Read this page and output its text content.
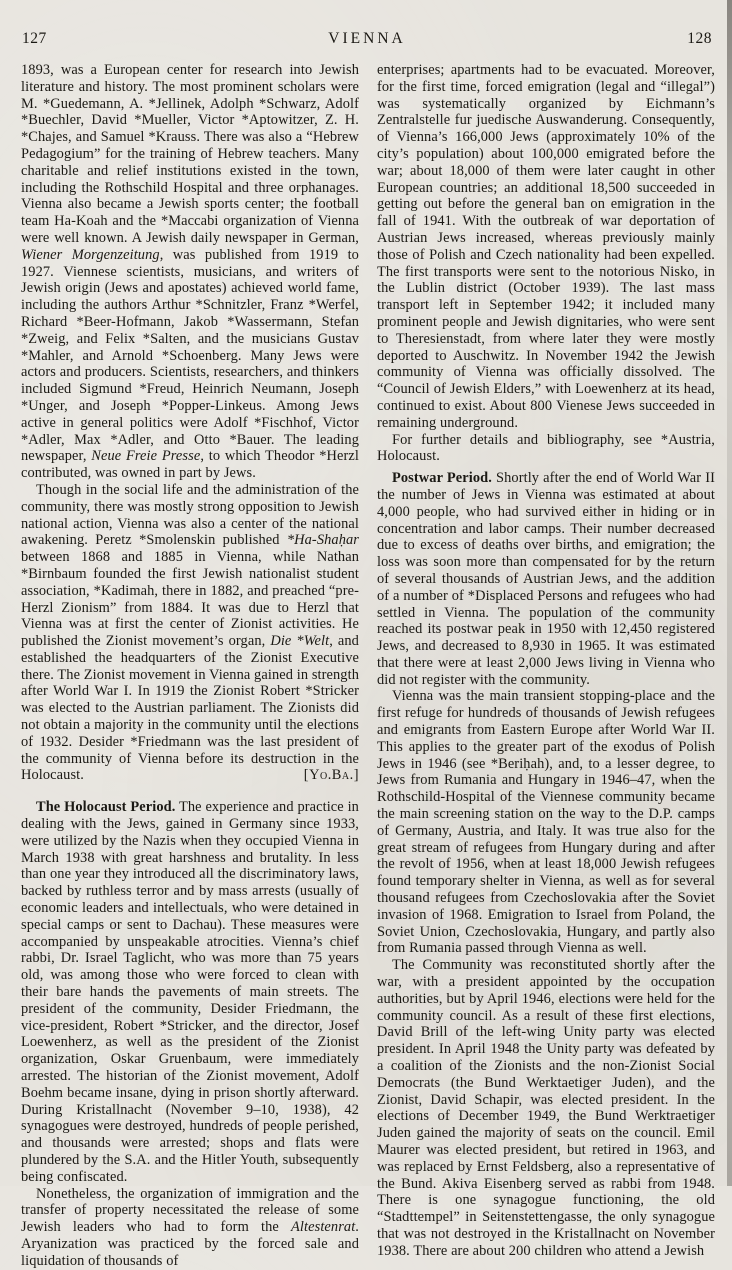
127	VIENNA	128

1893, was a European center for research into Jewish literature and history. The most prominent scholars were M. *Guedemann, A. *Jellinek, Adolph *Schwarz, Adolf *Buechler, David *Mueller, Victor *Aptowitzer, Z. H. *Chajes, and Samuel *Krauss. There was also a “Hebrew Pedagogium” for the training of Hebrew teachers. Many charitable and relief institutions existed in the town, including the Rothschild Hospital and three orphanages. Vienna also became a Jewish sports center; the football team Ha-Koah and the *Maccabi organization of Vienna were well known. A Jewish daily newspaper in German, Wiener Morgenzeitung, was published from 1919 to 1927. Viennese scientists, musicians, and writers of Jewish origin (Jews and apostates) achieved world fame, including the authors Arthur *Schnitzler, Franz *Werfel, Richard *Beer-Hofmann, Jakob *Wassermann, Stefan *Zweig, and Felix *Salten, and the musicians Gustav *Mahler, and Arnold *Schoenberg. Many Jews were actors and producers. Scientists, researchers, and thinkers included Sigmund *Freud, Heinrich Neumann, Joseph *Unger, and Joseph *Popper-Linkeus. Among Jews active in general politics were Adolf *Fischhof, Victor *Adler, Max *Adler, and Otto *Bauer. The leading newspaper, Neue Freie Presse, to which Theodor *Herzl contributed, was owned in part by Jews.

Though in the social life and the administration of the community, there was mostly strong opposition to Jewish national action, Vienna was also a center of the national awakening. Peretz *Smolenskin published *Ha-Shaḥar between 1868 and 1885 in Vienna, while Nathan *Birnbaum founded the first Jewish nationalist student association, *Kadimah, there in 1882, and preached “pre-Herzl Zionism” from 1884. It was due to Herzl that Vienna was at first the center of Zionist activities. He published the Zionist movement’s organ, Die *Welt, and established the headquarters of the Zionist Executive there. The Zionist movement in Vienna gained in strength after World War I. In 1919 the Zionist Robert *Stricker was elected to the Austrian parliament. The Zionists did not obtain a majority in the community until the elections of 1932. Desider *Friedmann was the last president of the community of Vienna before its destruction in the Holocaust.	[Yo.Ba.]

The Holocaust Period. The experience and practice in dealing with the Jews, gained in Germany since 1933, were utilized by the Nazis when they occupied Vienna in March 1938 with great harshness and brutality. In less than one year they introduced all the discriminatory laws, backed by ruthless terror and by mass arrests (usually of economic leaders and intellectuals, who were detained in special camps or sent to Dachau). These measures were accompanied by unspeakable atrocities. Vienna’s chief rabbi, Dr. Israel Taglicht, who was more than 75 years old, was among those who were forced to clean with their bare hands the pavements of main streets. The president of the community, Desider Friedmann, the vice-president, Robert *Stricker, and the director, Josef Loewenherz, as well as the president of the Zionist organization, Oskar Gruenbaum, were immediately arrested. The historian of the Zionist movement, Adolf Boehm became insane, dying in prison shortly afterward. During Kristallnacht (November 9–10, 1938), 42 synagogues were destroyed, hundreds of people perished, and thousands were arrested; shops and flats were plundered by the S.A. and the Hitler Youth, subsequently being confiscated.

Nonetheless, the organization of immigration and the transfer of property necessitated the release of some Jewish leaders who had to form the Altestenrat. Aryanization was practiced by the forced sale and liquidation of thousands of

enterprises; apartments had to be evacuated. Moreover, for the first time, forced emigration (legal and “illegal”) was systematically organized by Eichmann’s Zentralstelle fur juedische Auswanderung. Consequently, of Vienna’s 166,000 Jews (approximately 10% of the city’s population) about 100,000 emigrated before the war; about 18,000 of them were later caught in other European countries; an additional 18,500 succeeded in getting out before the general ban on emigration in the fall of 1941. With the outbreak of war deportation of Austrian Jews increased, whereas previously mainly those of Polish and Czech nationality had been expelled. The first transports were sent to the notorious Nisko, in the Lublin district (October 1939). The last mass transport left in September 1942; it included many prominent people and Jewish dignitaries, who were sent to Theresienstadt, from where later they were mostly deported to Auschwitz. In November 1942 the Jewish community of Vienna was officially dissolved. The “Council of Jewish Elders,” with Loewenherz at its head, continued to exist. About 800 Vienese Jews succeeded in remaining underground.

For further details and bibliography, see *Austria, Holocaust.

Postwar Period. Shortly after the end of World War II the number of Jews in Vienna was estimated at about 4,000 people, who had survived either in hiding or in concentration and labor camps. Their number decreased due to excess of deaths over births, and emigration; the loss was soon more than compensated for by the return of several thousands of Austrian Jews, and the addition of a number of *Displaced Persons and refugees who had settled in Vienna. The population of the community reached its postwar peak in 1950 with 12,450 registered Jews, and decreased to 8,930 in 1965. It was estimated that there were at least 2,000 Jews living in Vienna who did not register with the community.

Vienna was the main transient stopping-place and the first refuge for hundreds of thousands of Jewish refugees and emigrants from Eastern Europe after World War II. This applies to the greater part of the exodus of Polish Jews in 1946 (see *Beriḥah), and, to a lesser degree, to Jews from Rumania and Hungary in 1946–47, when the Rothschild-Hospital of the Viennese community became the main screening station on the way to the D.P. camps of Germany, Austria, and Italy. It was true also for the great stream of refugees from Hungary during and after the revolt of 1956, when at least 18,000 Jewish refugees found temporary shelter in Vienna, as well as for several thousand refugees from Czechoslovakia after the Soviet invasion of 1968. Emigration to Israel from Poland, the Soviet Union, Czechoslovakia, Hungary, and partly also from Rumania passed through Vienna as well.

The Community was reconstituted shortly after the war, with a president appointed by the occupation authorities, but by April 1946, elections were held for the community council. As a result of these first elections, David Brill of the left-wing Unity party was elected president. In April 1948 the Unity party was defeated by a coalition of the Zionists and the non-Zionist Social Democrats (the Bund Werktaetiger Juden), and the Zionist, David Schapir, was elected president. In the elections of December 1949, the Bund Werktraetiger Juden gained the majority of seats on the council. Emil Maurer was elected president, but retired in 1963, and was replaced by Ernst Feldsberg, also a representative of the Bund. Akiva Eisenberg served as rabbi from 1948. There is one synagogue functioning, the old “Stadttempel” in Seitenstettengasse, the only synagogue that was not destroyed in the Kristallnacht on November 1938. There are about 200 children who attend a Jewish
